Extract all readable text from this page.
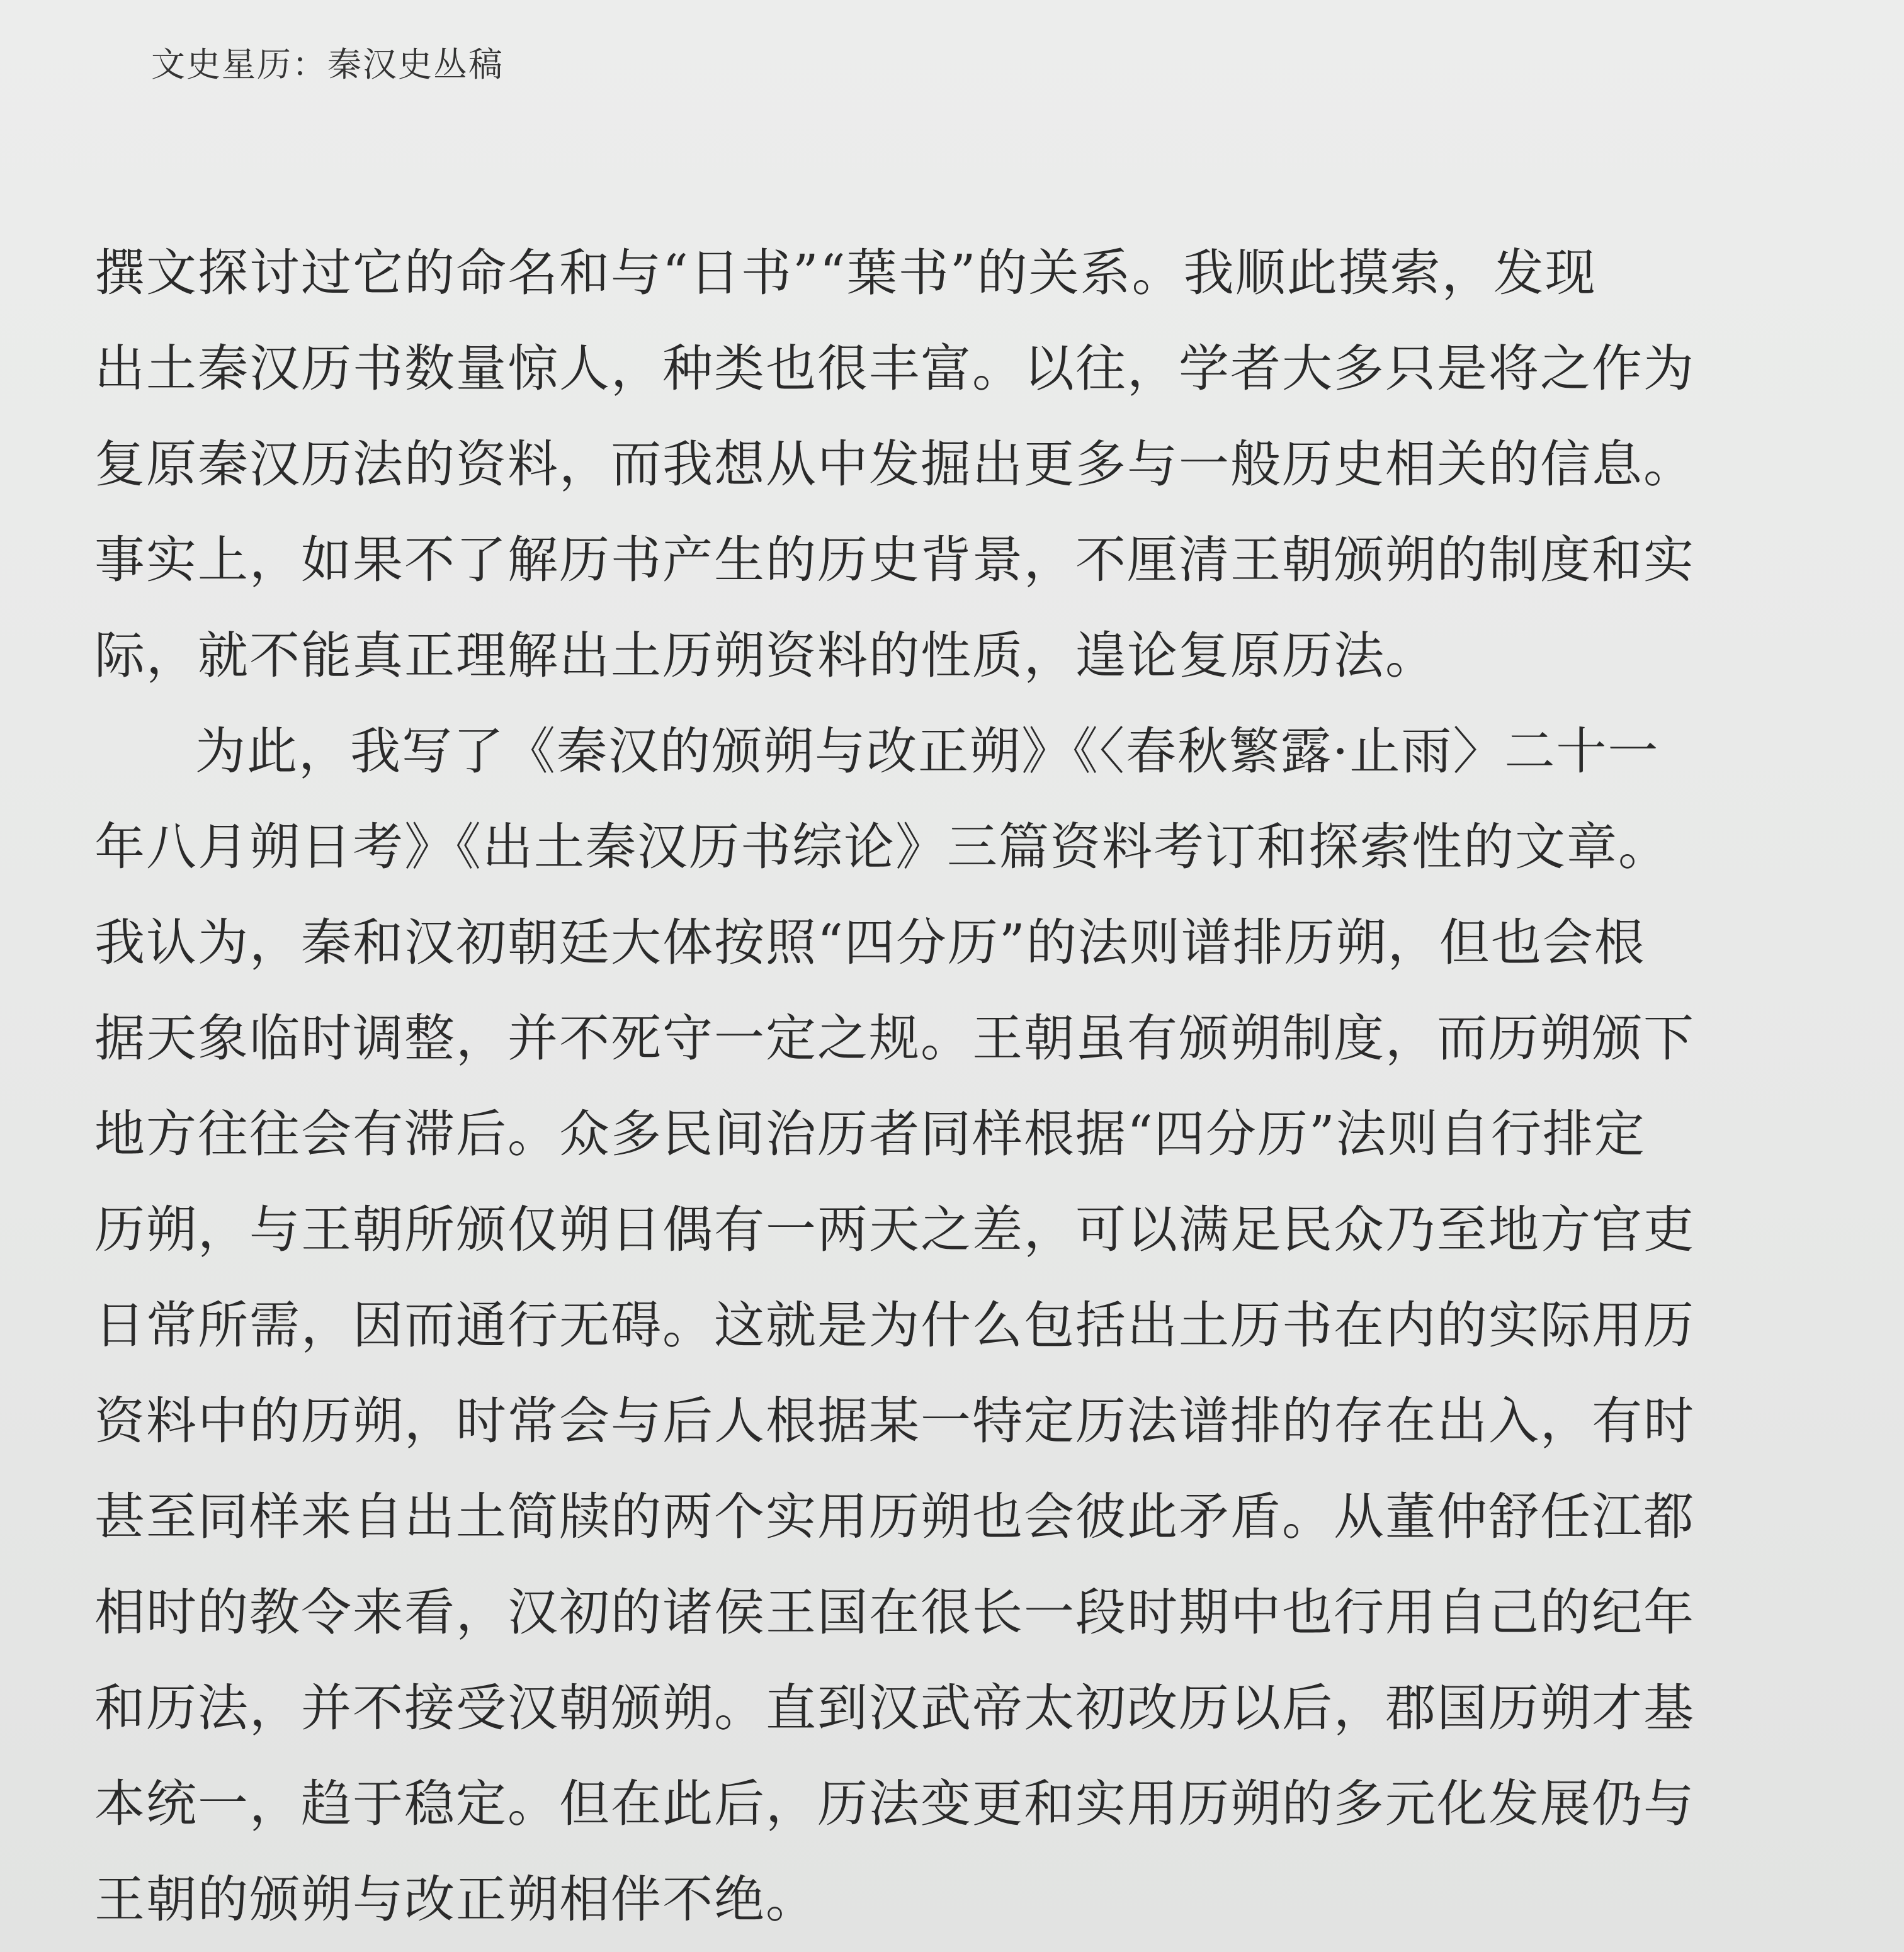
文史星历：秦汉史丛稿
撰文探讨过它的命名和与“日书”“葉书”的关系。我顺此摸索，发现
出土秦汉历书数量惊人，种类也很丰富。以往，学者大多只是将之作为
复原秦汉历法的资料，而我想从中发掘出更多与一般历史相关的信息。
事实上，如果不了解历书产生的历史背景，不厘清王朝颁朔的制度和实
际，就不能真正理解出土历朔资料的性质，遑论复原历法。
为此，我写了《秦汉的颁朔与改正朔》《〈春秋繁露·止雨〉二十一
年八月朔日考》《出土秦汉历书综论》三篇资料考订和探索性的文章。
我认为，秦和汉初朝廷大体按照“四分历”的法则谱排历朔，但也会根
据天象临时调整，并不死守一定之规。王朝虽有颁朔制度，而历朔颁下
地方往往会有滞后。众多民间治历者同样根据“四分历”法则自行排定
历朔，与王朝所颁仅朔日偶有一两天之差，可以满足民众乃至地方官吏
日常所需，因而通行无碍。这就是为什么包括出土历书在内的实际用历
资料中的历朔，时常会与后人根据某一特定历法谱排的存在出入，有时
甚至同样来自出土简牍的两个实用历朔也会彼此矛盾。从董仲舒任江都
相时的教令来看，汉初的诸侯王国在很长一段时期中也行用自己的纪年
和历法，并不接受汉朝颁朔。直到汉武帝太初改历以后，郡国历朔才基
本统一，趋于稳定。但在此后，历法变更和实用历朔的多元化发展仍与
王朝的颁朔与改正朔相伴不绝。
